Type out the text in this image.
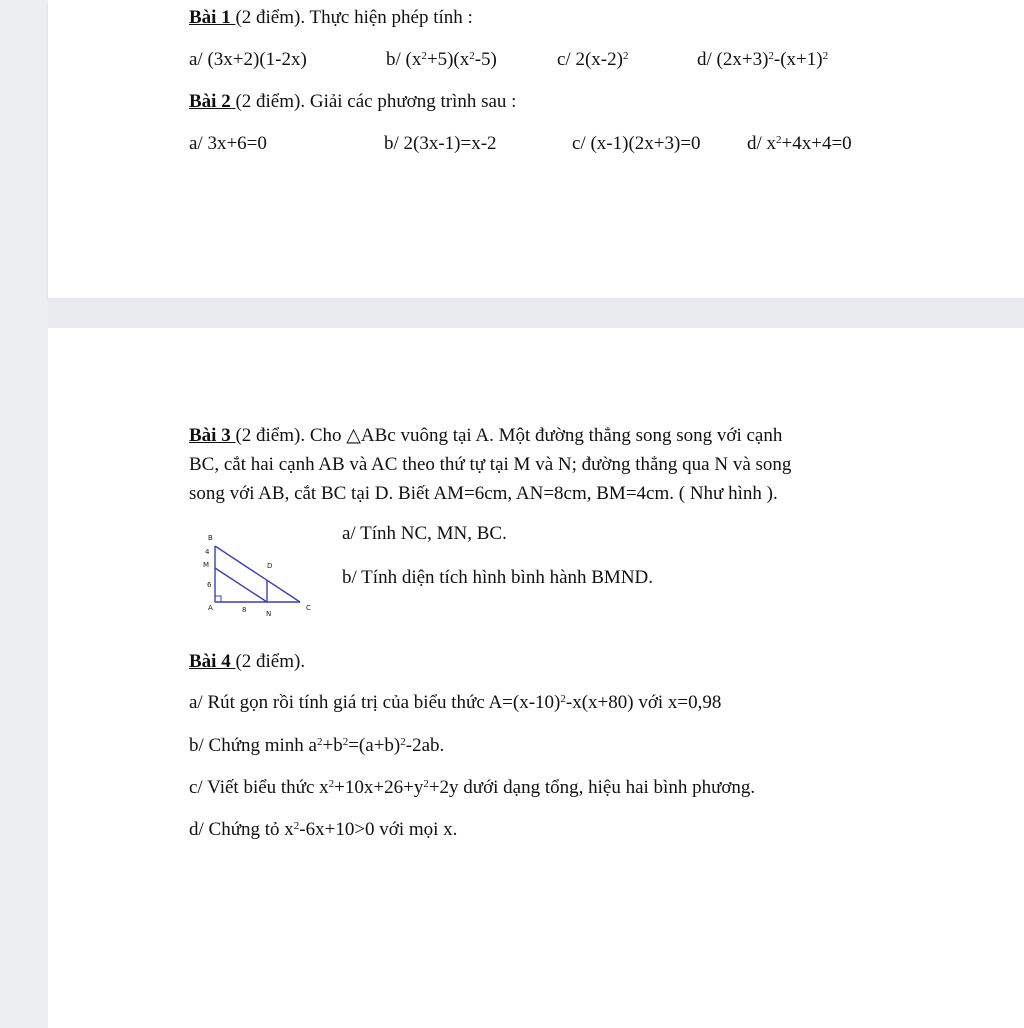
Bài 1 (2 điểm). Thực hiện phép tính :
a/ (3x+2)(1-2x)	b/ $(x^2+5)(x^2-5)$	c/ $2(x-2)^2$	d/ $(2x+3)^2-(x+1)^2$
Bài 2 (2 điểm). Giải các phương trình sau :
a/ 3x+6=0	b/ 2(3x-1)=x-2	c/ (x-1)(2x+3)=0 d/ $x^2+4x+4=0$
Bài 3 (2 điểm). Cho △ABc vuông tại A. Một đường thẳng song song với cạnh
BC, cắt hai cạnh AB và AC theo thứ tự tại M và N; đường thẳng qua N và song
song với AB, cắt BC tại D. Biết AM=6cm, AN=8cm, BM=4cm. ( Như hình ).
B
4
M
6
D
A	8	N
C
a/ Tính NC, MN, BC.
b/ Tính diện tích hình bình hành BMND.
Bài 4 (2 điểm).
a/ Rút gọn rồi tính giá trị của biểu thức $A=(x-10)^2-x(x+80)$ với x=0,98
b/ Chứng minh $a^2+b^2=(a+b)^2-2ab$.
c/ Viết biểu thức $x^2+10x+26+y^2+2y$ dưới dạng tổng, hiệu hai bình phương.
d/ Chứng tỏ $x^2-6x+10>0$ với mọi x.
